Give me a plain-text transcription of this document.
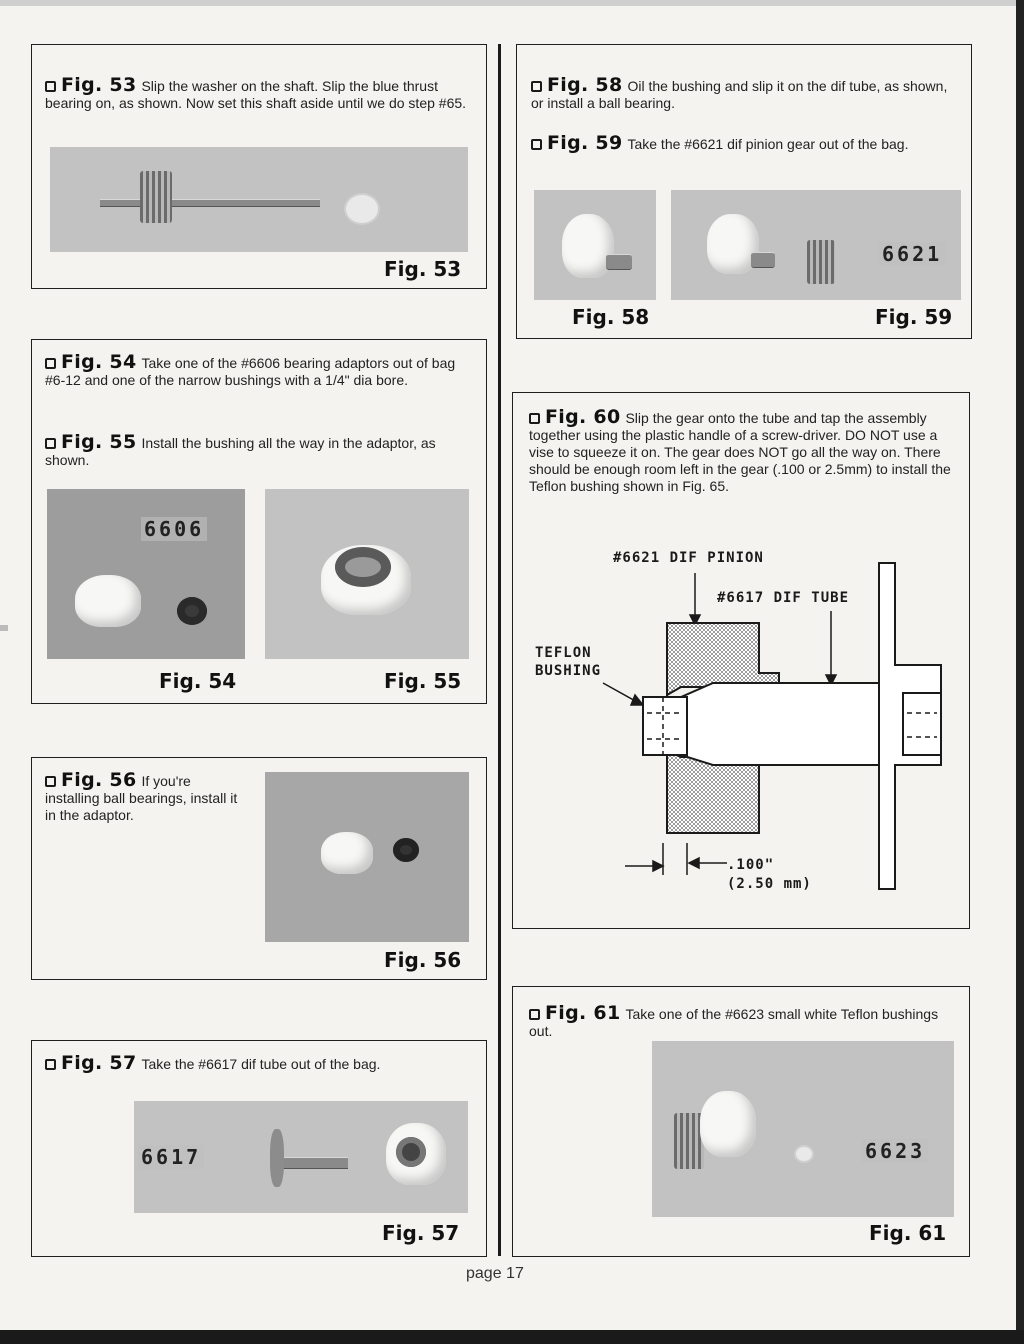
Fig. 53 Slip the washer on the shaft. Slip the blue thrust bearing on, as shown. Now set this shaft aside until we do step #65.

Fig. 53

Fig. 54 Take one of the #6606 bearing adaptors out of bag #6-12 and one of the narrow bushings with a 1/4" dia bore.

Fig. 55 Install the bushing all the way in the adaptor, as shown.

6606
Fig. 54	Fig. 55

Fig. 56 If you're installing ball bearings, install it in the adaptor.

Fig. 56

Fig. 57 Take the #6617 dif tube out of the bag.

6617
Fig. 57

Fig. 58 Oil the bushing and slip it on the dif tube, as shown, or install a ball bearing.

Fig. 59 Take the #6621 dif pinion gear out of the bag.

6621
Fig. 58	Fig. 59

Fig. 60 Slip the gear onto the tube and tap the assembly together using the plastic handle of a screw-driver. DO NOT use a vise to squeeze it on. The gear does NOT go all the way on. There should be enough room left in the gear (.100 or 2.5mm) to install the Teflon bushing shown in Fig. 65.

#6621 DIF PINION
#6617 DIF TUBE
TEFLON
BUSHING
.100"
(2.50 mm)

Fig. 61 Take one of the #6623 small white Teflon bushings out.

6623
Fig. 61
page 17
